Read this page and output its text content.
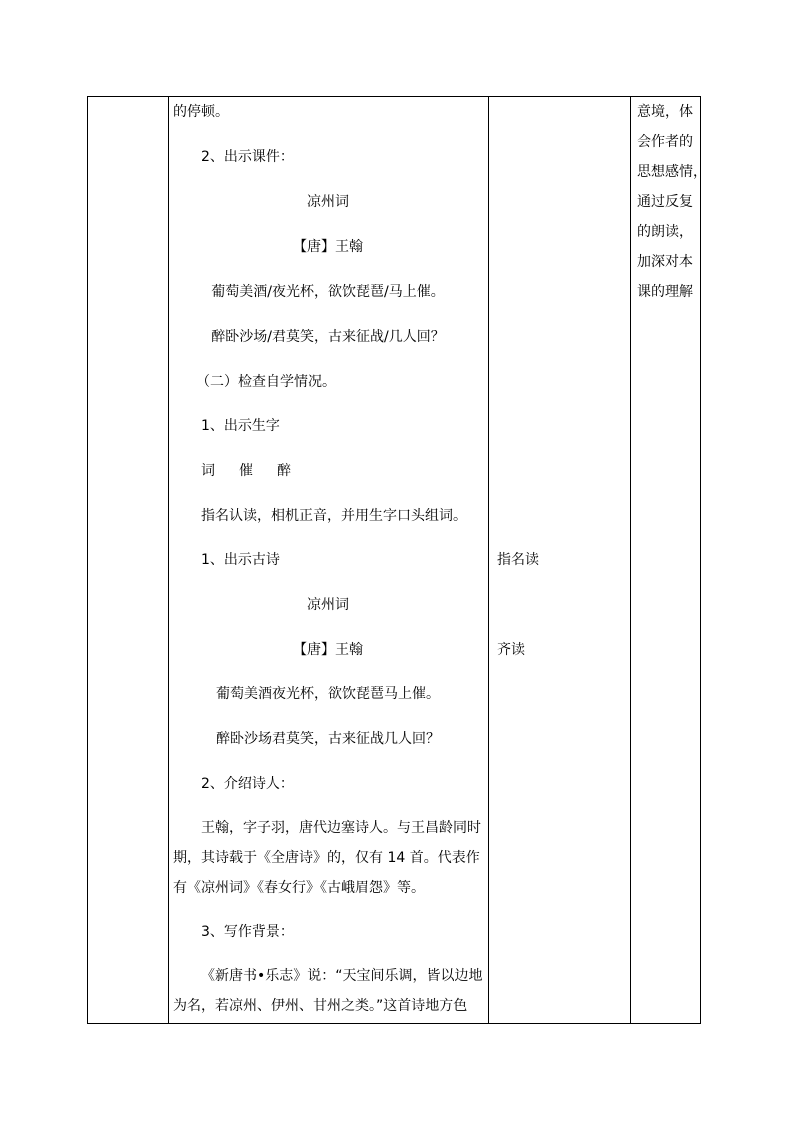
的停顿。
2、出示课件：
凉州词
【唐】王翰
葡萄美酒/夜光杯，欲饮琵琶/马上催。
醉卧沙场/君莫笑，古来征战/几人回？
（二）检查自学情况。
1、出示生字
词 催 醉
指名认读，相机正音，并用生字口头组词。
1、出示古诗
凉州词
【唐】王翰
葡萄美酒夜光杯，欲饮琵琶马上催。
醉卧沙场君莫笑，古来征战几人回？
2、介绍诗人：
王翰，字子羽，唐代边塞诗人。与王昌龄同时
期，其诗载于《全唐诗》的，仅有 14 首。代表作
有《凉州词》《春女行》《古峨眉怨》等。
3、写作背景：
《新唐书•乐志》说：“天宝间乐调，皆以边地
为名，若凉州、伊州、甘州之类。”这首诗地方色
指名读
齐读
意境，体
会作者的
思想感情，
通过反复
的朗读，
加深对本
课的理解
